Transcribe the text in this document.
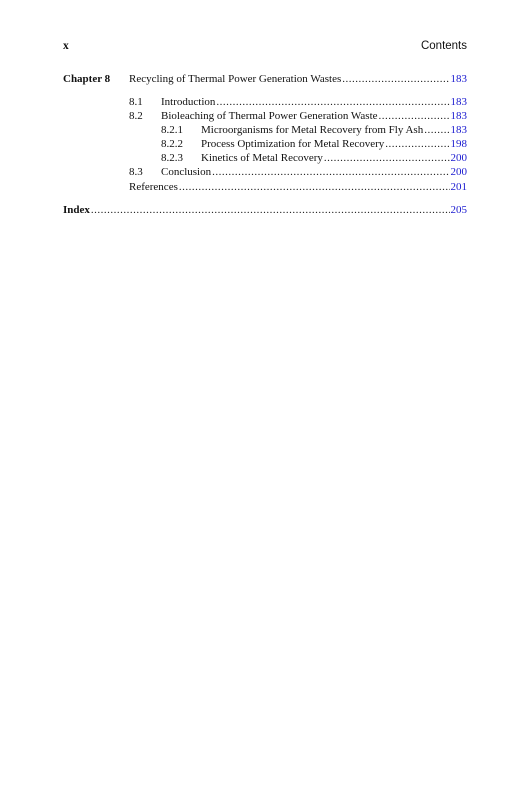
x	Contents
Chapter 8	Recycling of Thermal Power Generation Wastes .....	183
8.1	Introduction .....	183
8.2	Bioleaching of Thermal Power Generation Waste .....	183
8.2.1	Microorganisms for Metal Recovery from Fly Ash ..... 183
8.2.2	Process Optimization for Metal Recovery .....	198
8.2.3	Kinetics of Metal Recovery .....	200
8.3	Conclusion .....	200
References .....	201
Index .....	205
